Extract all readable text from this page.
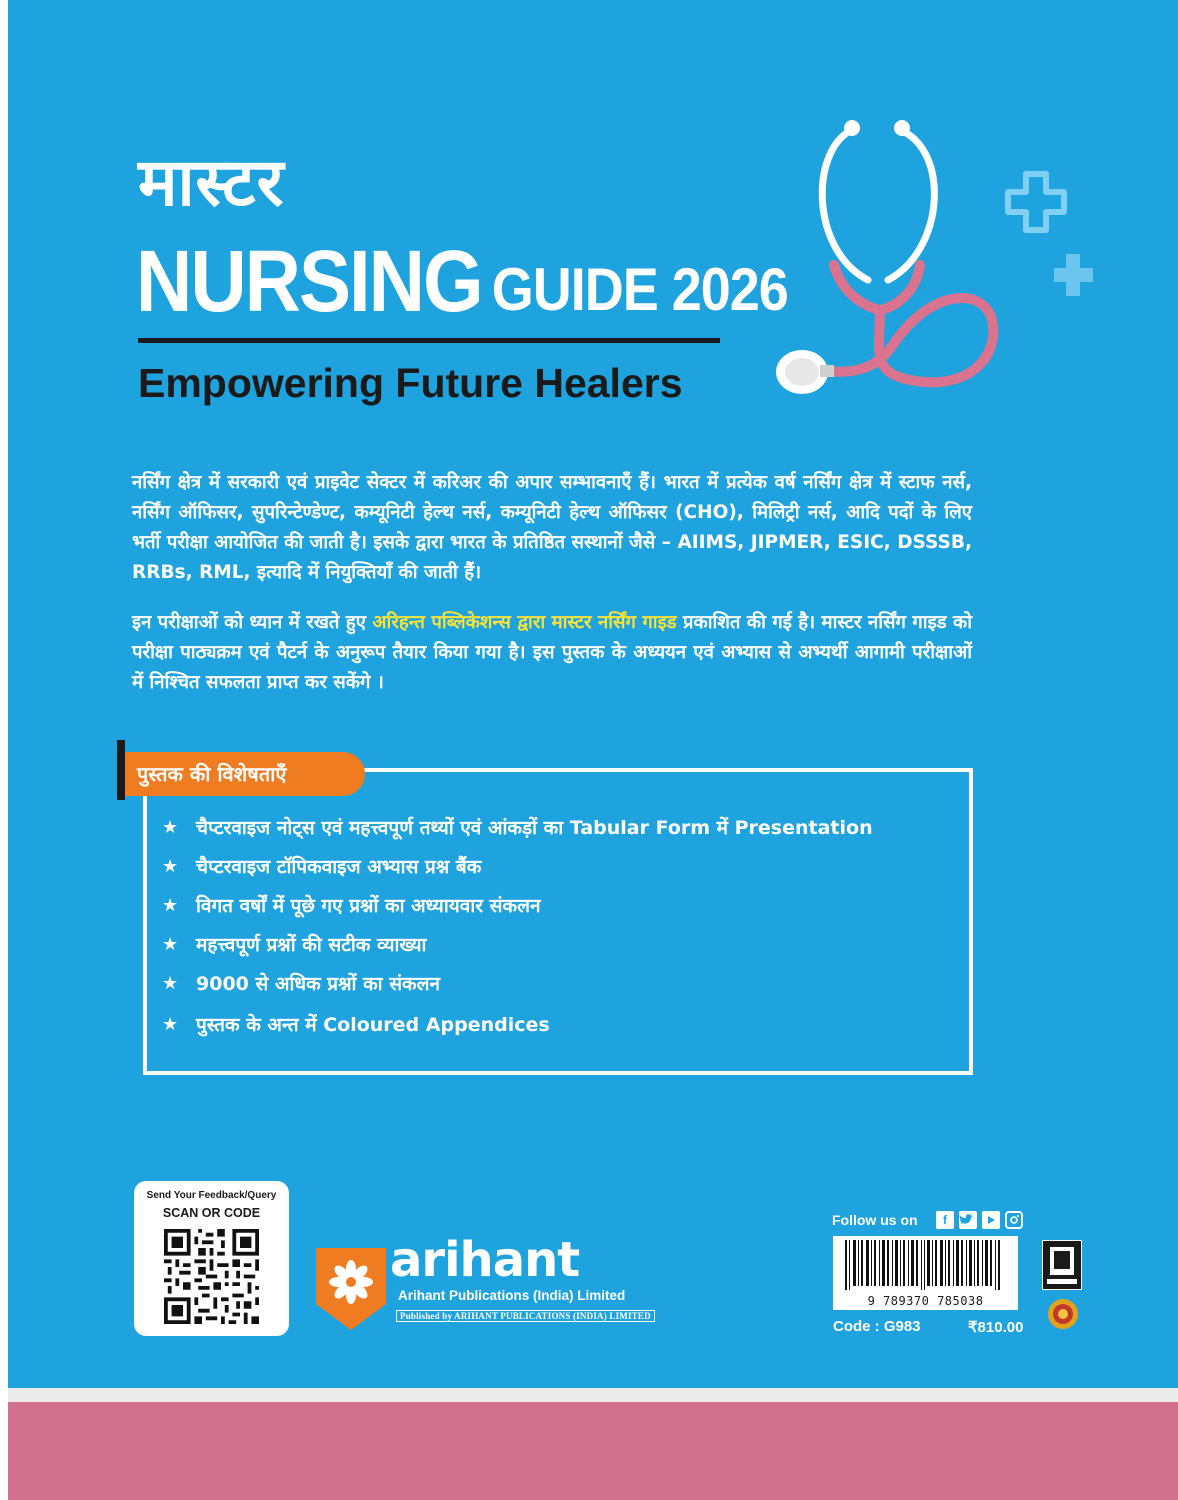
मास्टर
NURSING GUIDE 2026
Empowering Future Healers
नर्सिंग क्षेत्र में सरकारी एवं प्राइवेट सेक्टर में करिअर की अपार सम्भावनाएँ हैं। भारत में प्रत्येक वर्ष नर्सिंग क्षेत्र में स्टाफ नर्स, नर्सिंग ऑफिसर, सुपरिन्टेण्डेण्ट, कम्यूनिटी हेल्थ नर्स, कम्यूनिटी हेल्थ ऑफिसर (CHO), मिलिट्री नर्स, आदि पदों के लिए भर्ती परीक्षा आयोजित की जाती है। इसके द्वारा भारत के प्रतिष्ठित सस्थानों जैसे – AIIMS, JIPMER, ESIC, DSSSB, RRBs, RML, इत्यादि में नियुक्तियाँ की जाती हैं।
इन परीक्षाओं को ध्यान में रखते हुए अरिहन्त पब्लिकेशन्स द्वारा मास्टर नर्सिंग गाइड प्रकाशित की गई है। मास्टर नर्सिंग गाइड को परीक्षा पाठ्यक्रम एवं पैटर्न के अनुरूप तैयार किया गया है। इस पुस्तक के अध्ययन एवं अभ्यास से अभ्यर्थी आगामी परीक्षाओं में निश्चित सफलता प्राप्त कर सकेंगे ।
पुस्तक की विशेषताएँ
★ चैप्टरवाइज नोट्स एवं महत्त्वपूर्ण तथ्यों एवं आंकड़ों का Tabular Form में Presentation
★ चैप्टरवाइज टॉपिकवाइज अभ्यास प्रश्न बैंक
★ विगत वर्षों में पूछे गए प्रश्नों का अध्यायवार संकलन
★ महत्त्वपूर्ण प्रश्नों की सटीक व्याख्या
★ 9000 से अधिक प्रश्नों का संकलन
★ पुस्तक के अन्त में Coloured Appendices
Send Your Feedback/Query
SCAN OR CODE
arihant
Arihant Publications (India) Limited
Published by ARIHANT PUBLICATIONS (INDIA) LIMITED
Follow us on	f
9 789370 785038
Code : G983	₹810.00
